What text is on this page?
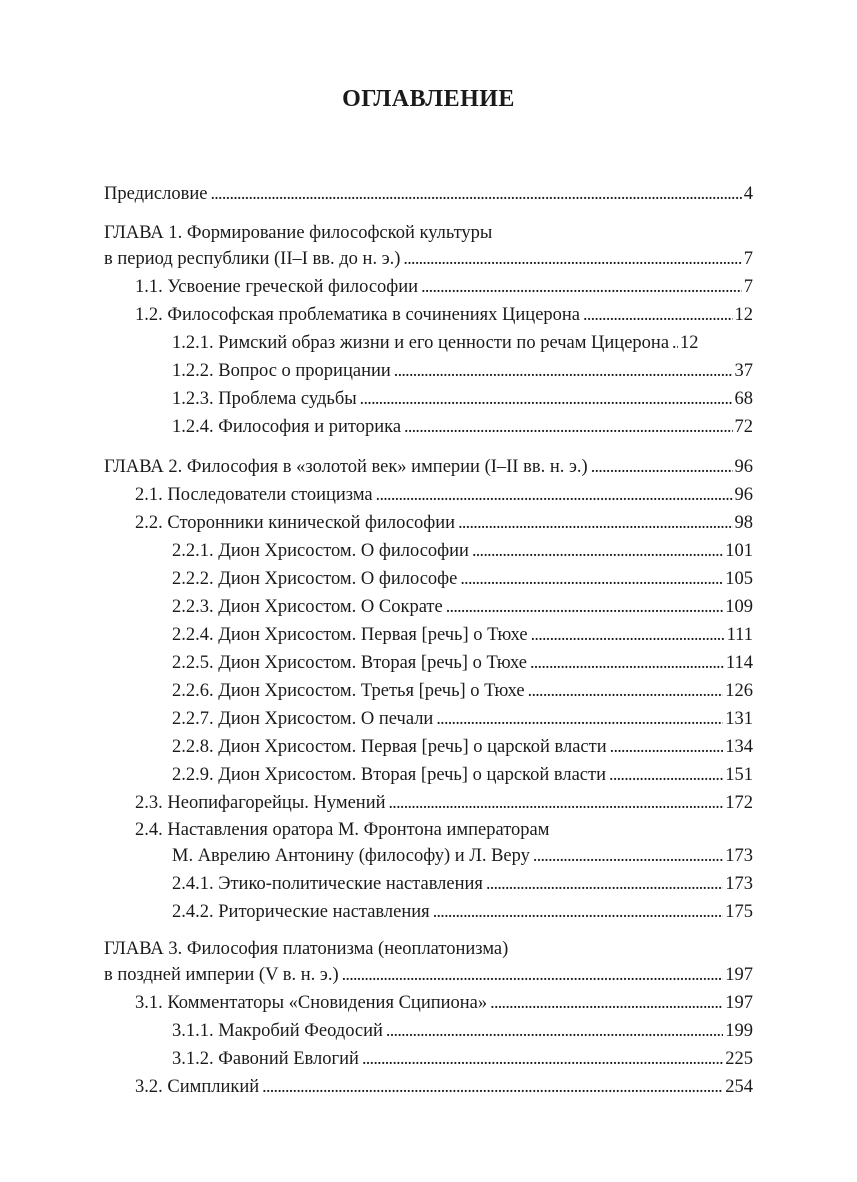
ОГЛАВЛЕНИЕ
Предисловие . . .	4
ГЛАВА 1. Формирование философской культуры
в период республики (II–I вв. до н. э.) . . .	7
1.1. Усвоение греческой философии . . .	7
1.2. Философская проблематика в сочинениях Цицерона . . .	12
1.2.1. Римский образ жизни и его ценности по речам Цицерона . . . 12
1.2.2. Вопрос о прорицании . . .	37
1.2.3. Проблема судьбы . . .	68
1.2.4. Философия и риторика . . .	72
ГЛАВА 2. Философия в «золотой век» империи (I–II вв. н. э.) . . .	96
2.1. Последователи стоицизма . . .	96
2.2. Сторонники кинической философии . . .	98
2.2.1. Дион Хрисостом. О философии . . .	101
2.2.2. Дион Хрисостом. О философе . . .	105
2.2.3. Дион Хрисостом. О Сократе . . .	109
2.2.4. Дион Хрисостом. Первая [речь] о Тюхе . . .	111
2.2.5. Дион Хрисостом. Вторая [речь] о Тюхе . . .	114
2.2.6. Дион Хрисостом. Третья [речь] о Тюхе . . .	126
2.2.7. Дион Хрисостом. О печали . . .	131
2.2.8. Дион Хрисостом. Первая [речь] о царской власти . . .	134
2.2.9. Дион Хрисостом. Вторая [речь] о царской власти . . .	151
2.3. Неопифагорейцы. Нумений . . .	172
2.4. Наставления оратора М. Фронтона императорам
М. Аврелию Антонину (философу) и Л. Веру . . .	173
2.4.1. Этико-политические наставления . . .	173
2.4.2. Риторические наставления . . .	175
ГЛАВА 3. Философия платонизма (неоплатонизма)
в поздней империи (V в. н. э.) . . .	197
3.1. Комментаторы «Сновидения Сципиона» . . .	197
3.1.1. Макробий Феодосий . . .	199
3.1.2. Фавоний Евлогий . . .	225
3.2. Симпликий . . .	254
